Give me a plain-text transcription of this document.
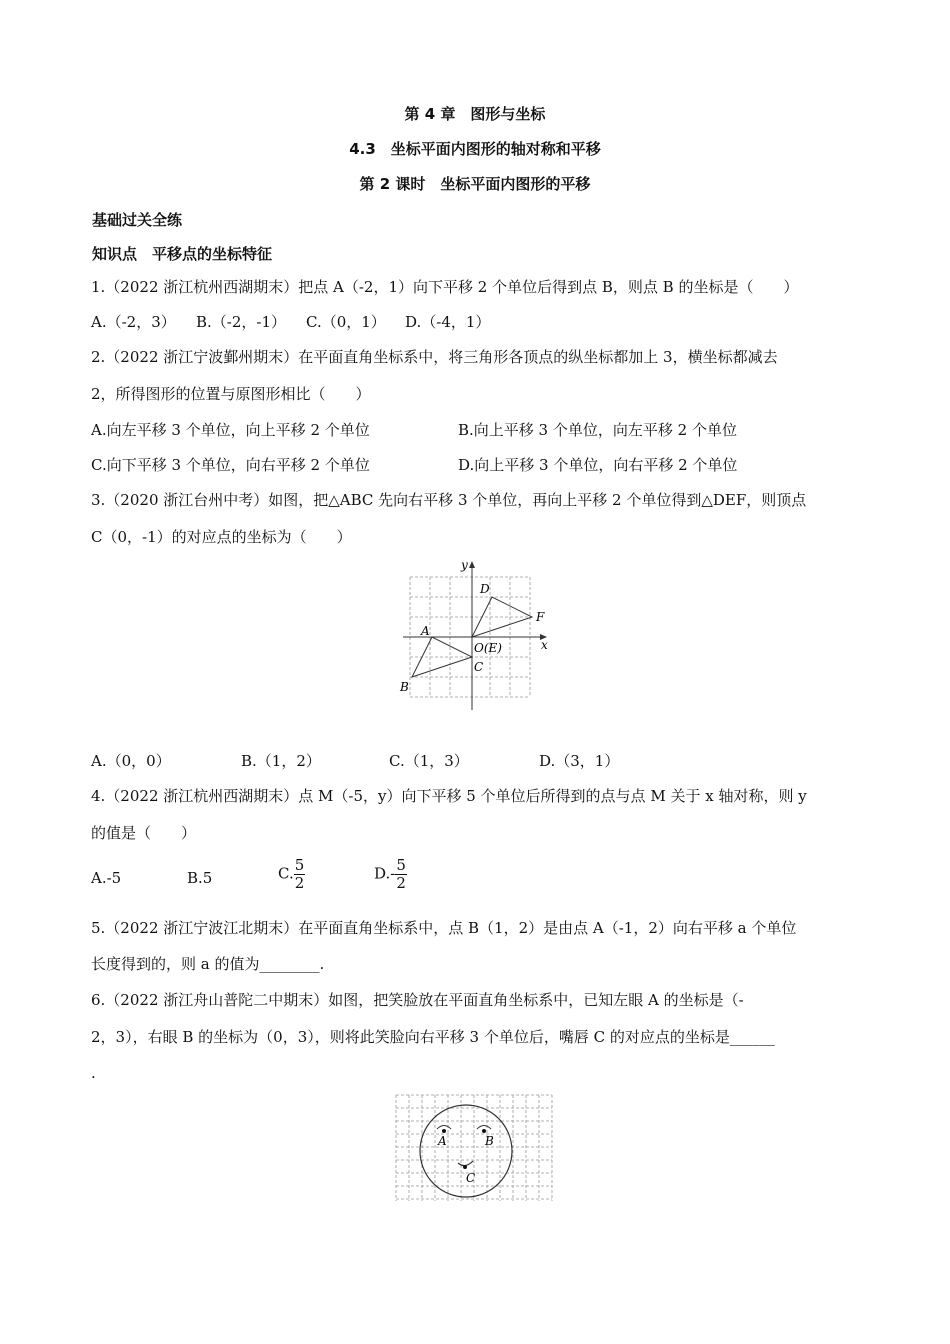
第 4 章　图形与坐标
4.3　坐标平面内图形的轴对称和平移
第 2 课时　坐标平面内图形的平移
基础过关全练
知识点　平移点的坐标特征
1.（2022 浙江杭州西湖期末）把点 A（-2，1）向下平移 2 个单位后得到点 B，则点 B 的坐标是（　　）
A.（-2，3） B.（-2，-1） C.（0，1） D.（-4，1）
2.（2022 浙江宁波鄞州期末）在平面直角坐标系中，将三角形各顶点的纵坐标都加上 3，横坐标都减去
2，所得图形的位置与原图形相比（　　）
A.向左平移 3 个单位，向上平移 2 个单位	B.向上平移 3 个单位，向左平移 2 个单位
C.向下平移 3 个单位，向右平移 2 个单位	D.向上平移 3 个单位，向右平移 2 个单位
3.（2020 浙江台州中考）如图，把△ABC 先向右平移 3 个单位，再向上平移 2 个单位得到△DEF，则顶点
C（0，-1）的对应点的坐标为（　　）
y
x
D
F
A
O(E)
C
B
A.（0，0）	B.（1，2）	C.（1，3）	D.（3，1）
4.（2022 浙江杭州西湖期末）点 M（-5，y）向下平移 5 个单位后所得到的点与点 M 关于 x 轴对称，则 y
的值是（　　）
A.-5	B.5	C. $\frac{5}{2}$	$D.- \frac{5}{2}$
5.（2022 浙江宁波江北期末）在平面直角坐标系中，点 B（1，2）是由点 A（-1，2）向右平移 a 个单位
长度得到的，则 a 的值为________.
6.（2022 浙江舟山普陀二中期末）如图，把笑脸放在平面直角坐标系中，已知左眼 A 的坐标是（-
2，3），右眼 B 的坐标为（0，3），则将此笑脸向右平移 3 个单位后，嘴唇 C 的对应点的坐标是______
.
A	B
C
